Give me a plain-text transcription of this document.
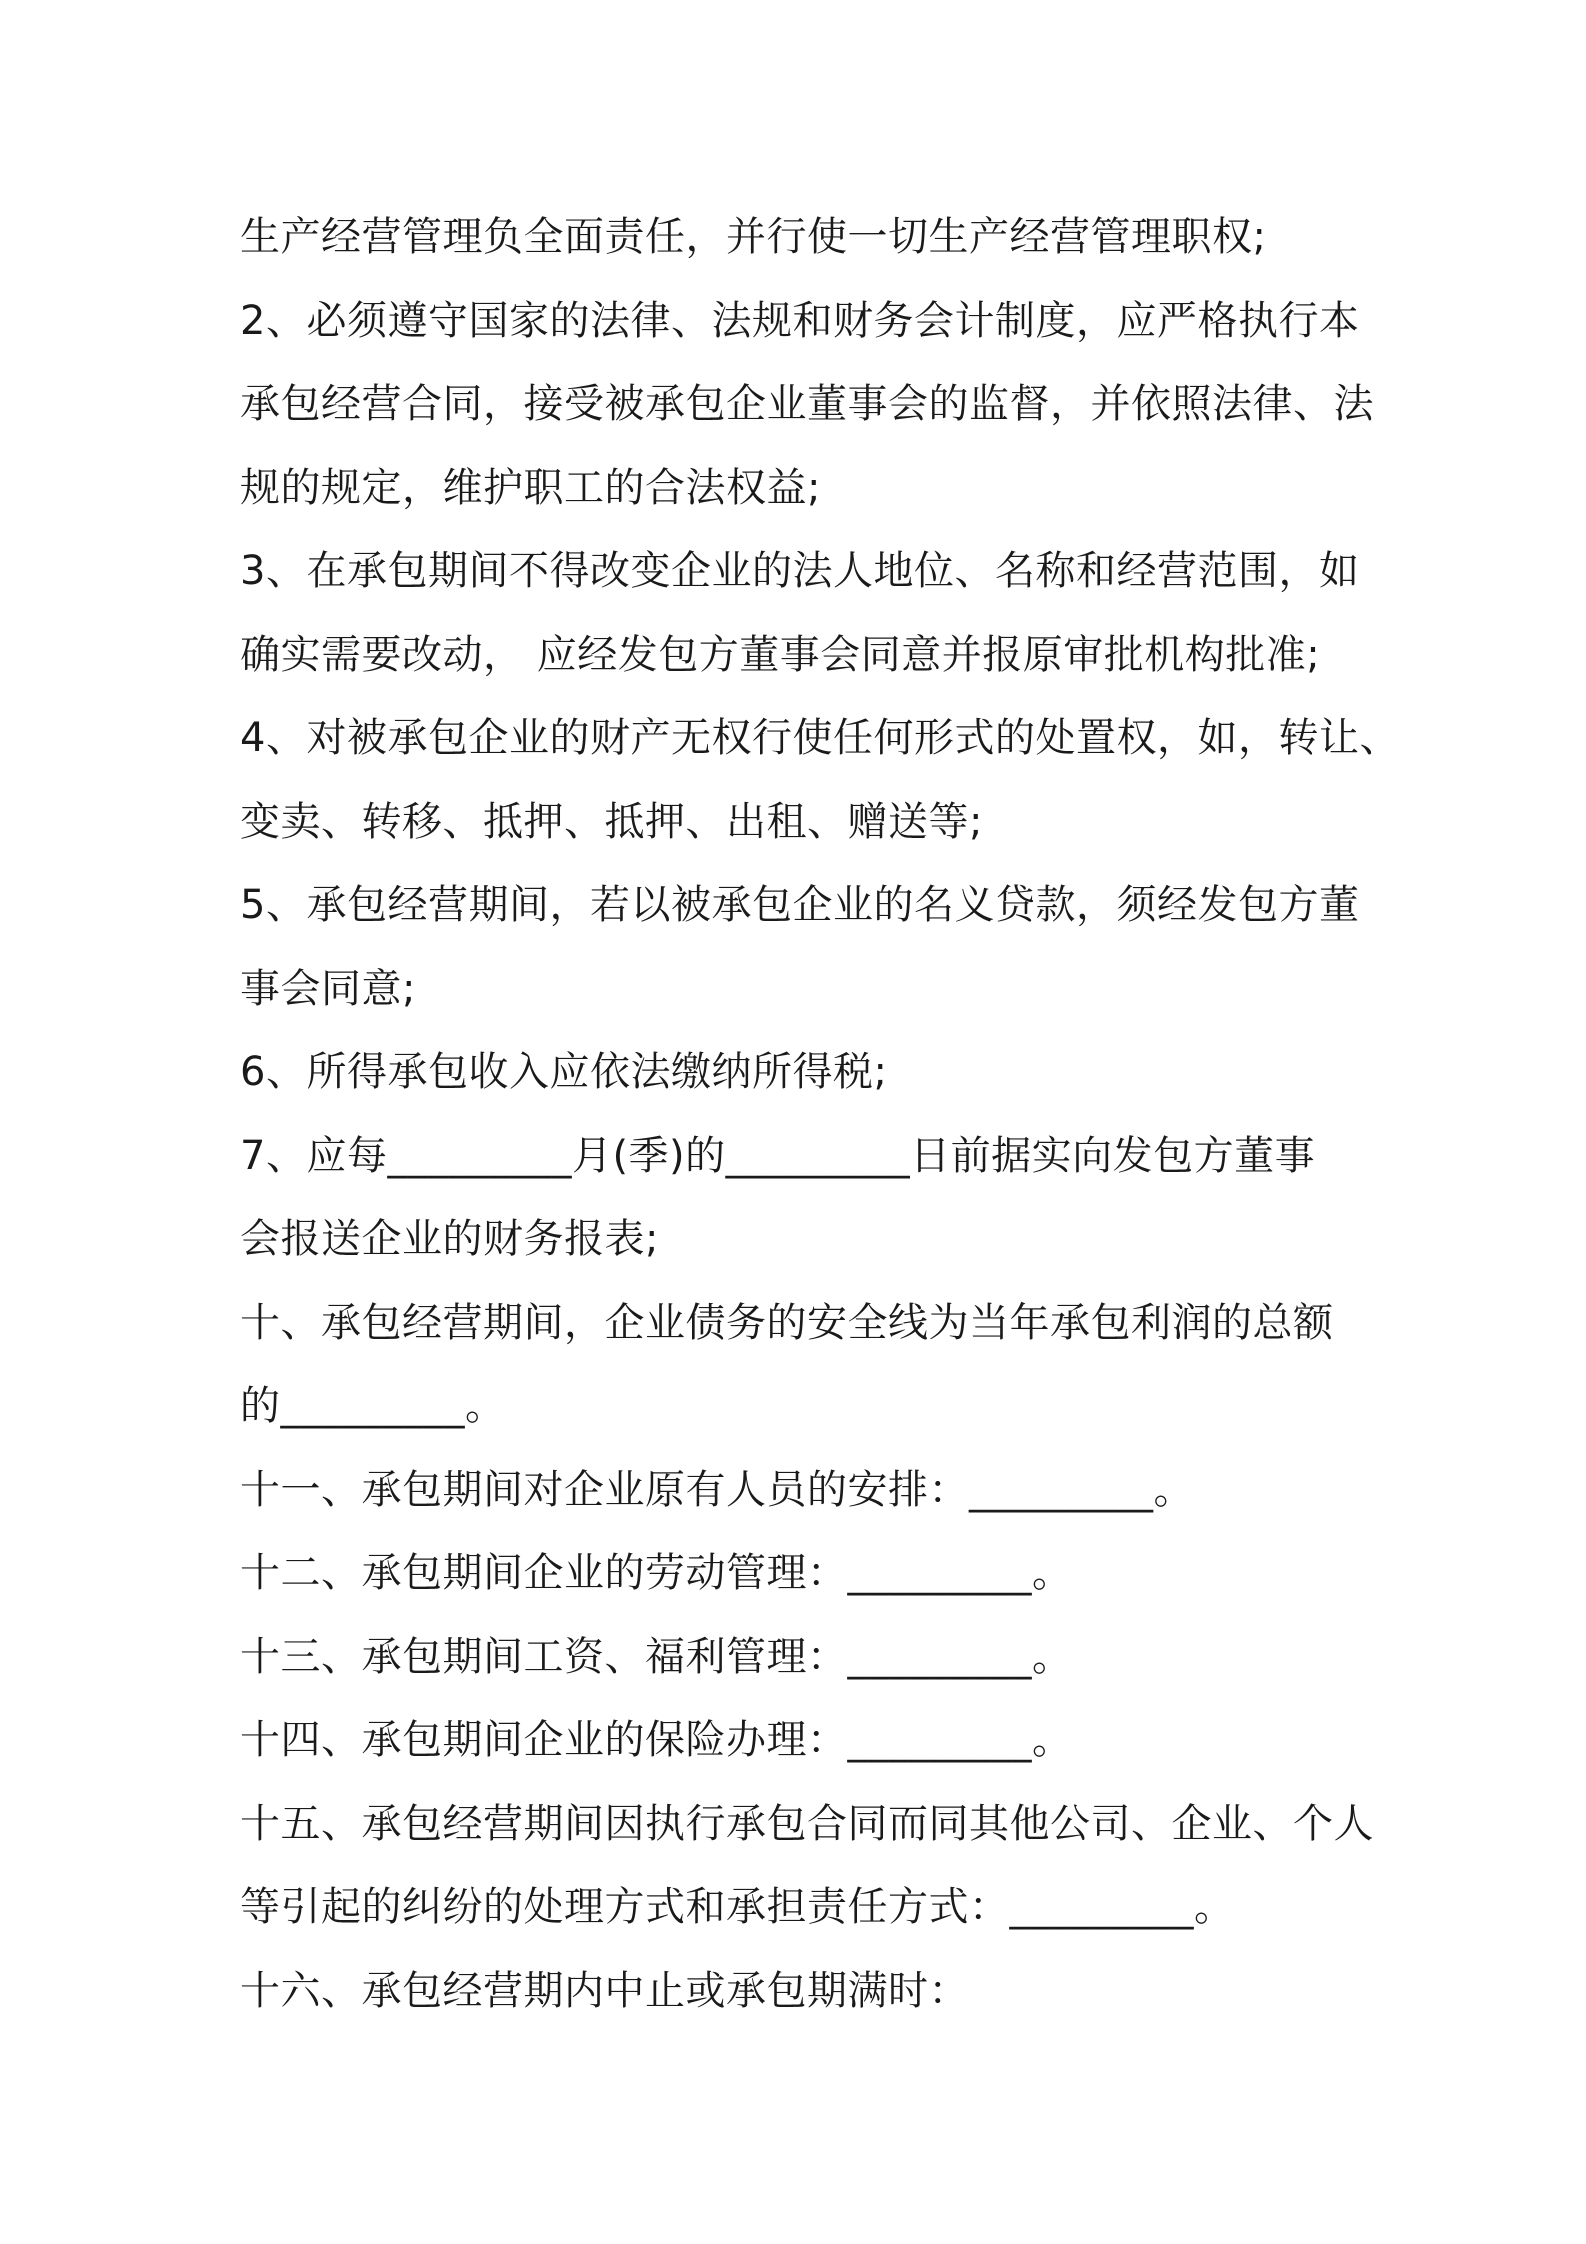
生产经营管理负全面责任，并行使一切生产经营管理职权;
2、必须遵守国家的法律、法规和财务会计制度，应严格执行本
承包经营合同，接受被承包企业董事会的监督，并依照法律、法
规的规定，维护职工的合法权益;
3、在承包期间不得改变企业的法人地位、名称和经营范围，如
确实需要改动， 应经发包方董事会同意并报原审批机构批准;
4、对被承包企业的财产无权行使任何形式的处置权，如，转让、
变卖、转移、抵押、抵押、出租、赠送等;
5、承包经营期间，若以被承包企业的名义贷款，须经发包方董
事会同意;
6、所得承包收入应依法缴纳所得税;
7、应每_________月(季)的_________日前据实向发包方董事
会报送企业的财务报表;
十、承包经营期间，企业债务的安全线为当年承包利润的总额
的_________。
十一、承包期间对企业原有人员的安排：_________。
十二、承包期间企业的劳动管理：_________。
十三、承包期间工资、福利管理：_________。
十四、承包期间企业的保险办理：_________。
十五、承包经营期间因执行承包合同而同其他公司、企业、个人
等引起的纠纷的处理方式和承担责任方式：_________。
十六、承包经营期内中止或承包期满时：
